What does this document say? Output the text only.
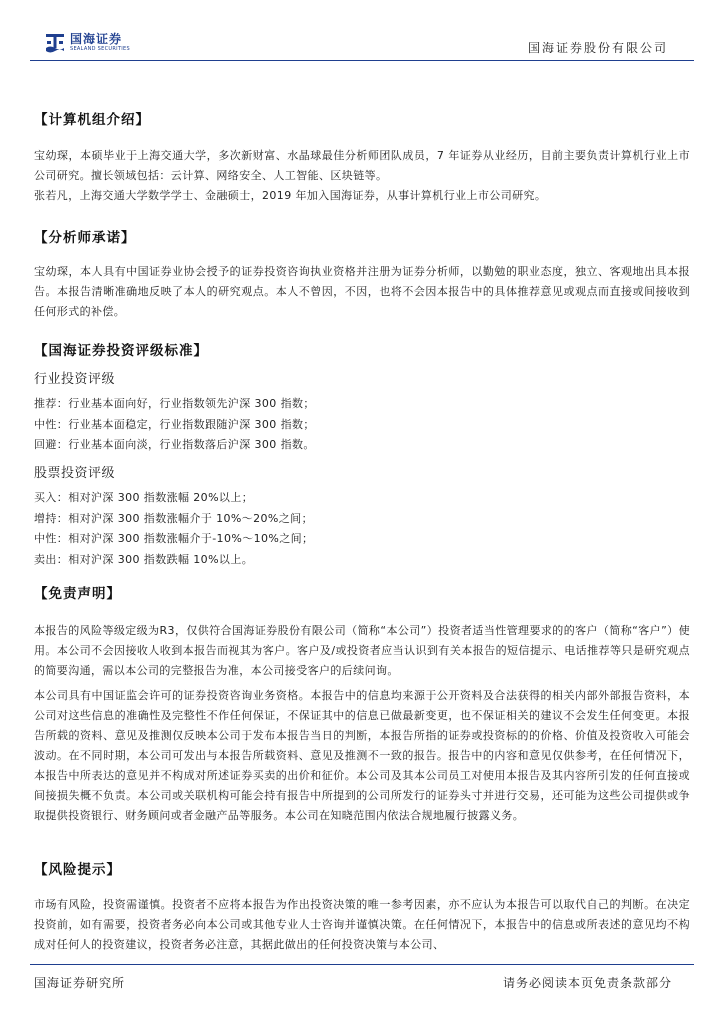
国海证券
SEALAND SECURITIES	国海证券股份有限公司
【计算机组介绍】

宝幼琛，本硕毕业于上海交通大学，多次新财富、水晶球最佳分析师团队成员，7 年证券从业经历，目前主要负责计算机行业上市公司研究。擅长领域包括：云计算、网络安全、人工智能、区块链等。

张若凡，上海交通大学数学学士、金融硕士，2019 年加入国海证券，从事计算机行业上市公司研究。

【分析师承诺】

宝幼琛，本人具有中国证券业协会授予的证券投资咨询执业资格并注册为证券分析师，以勤勉的职业态度，独立、客观地出具本报告。本报告清晰准确地反映了本人的研究观点。本人不曾因，不因，也将不会因本报告中的具体推荐意见或观点而直接或间接收到任何形式的补偿。

【国海证券投资评级标准】
行业投资评级
推荐：行业基本面向好，行业指数领先沪深 300 指数；
中性：行业基本面稳定，行业指数跟随沪深 300 指数；
回避：行业基本面向淡，行业指数落后沪深 300 指数。
股票投资评级
买入：相对沪深 300 指数涨幅 20%以上；
增持：相对沪深 300 指数涨幅介于 10%～20%之间；
中性：相对沪深 300 指数涨幅介于-10%～10%之间；
卖出：相对沪深 300 指数跌幅 10%以上。
【免责声明】
本报告的风险等级定级为R3，仅供符合国海证券股份有限公司（简称“本公司”）投资者适当性管理要求的的客户（简称“客户”）使用。本公司不会因接收人收到本报告而视其为客户。客户及/或投资者应当认识到有关本报告的短信提示、电话推荐等只是研究观点的简要沟通，需以本公司的完整报告为准，本公司接受客户的后续问询。
本公司具有中国证监会许可的证券投资咨询业务资格。本报告中的信息均来源于公开资料及合法获得的相关内部外部报告资料，本公司对这些信息的准确性及完整性不作任何保证，不保证其中的信息已做最新变更，也不保证相关的建议不会发生任何变更。本报告所载的资料、意见及推测仅反映本公司于发布本报告当日的判断，本报告所指的证券或投资标的的价格、价值及投资收入可能会波动。在不同时期，本公司可发出与本报告所载资料、意见及推测不一致的报告。报告中的内容和意见仅供参考，在任何情况下，本报告中所表达的意见并不构成对所述证券买卖的出价和征价。本公司及其本公司员工对使用本报告及其内容所引发的任何直接或间接损失概不负责。本公司或关联机构可能会持有报告中所提到的公司所发行的证券头寸并进行交易，还可能为这些公司提供或争取提供投资银行、财务顾问或者金融产品等服务。本公司在知晓范围内依法合规地履行披露义务。
【风险提示】
市场有风险，投资需谨慎。投资者不应将本报告为作出投资决策的唯一参考因素，亦不应认为本报告可以取代自己的判断。在决定投资前，如有需要，投资者务必向本公司或其他专业人士咨询并谨慎决策。在任何情况下，本报告中的信息或所表述的意见均不构成对任何人的投资建议，投资者务必注意，其据此做出的任何投资决策与本公司、
国海证券研究所	请务必阅读本页免责条款部分
